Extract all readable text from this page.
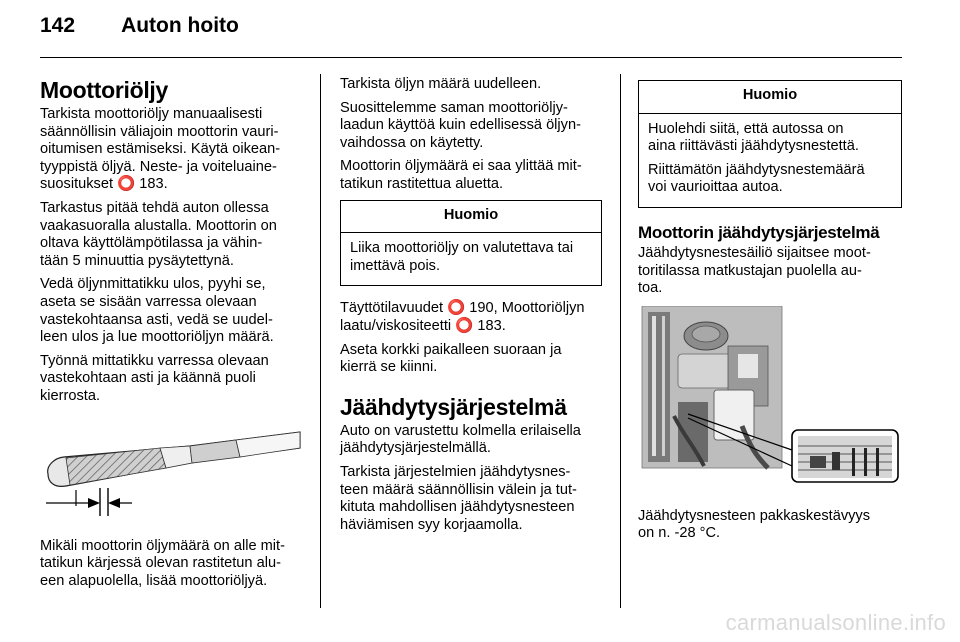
142 Auton hoito
Moottoriöljy

Tarkista moottoriöljy manuaalisesti
säännöllisin väliajoin moottorin vauri-
oitumisen estämiseksi. Käytä oikean-
tyyppistä öljyä. Neste- ja voiteluaine-
suositukset ⭕ 183.

Tarkastus pitää tehdä auton ollessa
vaakasuoralla alustalla. Moottorin on
oltava käyttölämpötilassa ja vähin-
tään 5 minuuttia pysäytettynä.

Vedä öljynmittatikku ulos, pyyhi se,
aseta se sisään varressa olevaan
vastekohtaansa asti, vedä se uudel-
leen ulos ja lue moottoriöljyn määrä.

Työnnä mittatikku varressa olevaan
vastekohtaan asti ja käännä puoli
kierrosta.

Mikäli moottorin öljymäärä on alle mit-
tatikun kärjessä olevan rastitetun alu-
een alapuolella, lisää moottoriöljyä.

Tarkista öljyn määrä uudelleen.

Suosittelemme saman moottoriöljy-
laadun käyttöä kuin edellisessä öljyn-
vaihdossa on käytetty.

Moottorin öljymäärä ei saa ylittää mit-
tatikun rastitettua aluetta.

Huomio

Liika moottoriöljy on valutettava tai
imettävä pois.

Täyttötilavuudet ⭕ 190, Moottoriöljyn
laatu/viskositeetti ⭕ 183.

Aseta korkki paikalleen suoraan ja
kierrä se kiinni.

Jäähdytysjärjestelmä

Auto on varustettu kolmella erilaisella
jäähdytysjärjestelmällä.

Tarkista järjestelmien jäähdytysnes-
teen määrä säännöllisin välein ja tut-
kituta mahdollisen jäähdytysnesteen
häviämisen syy korjaamolla.

Huomio

Huolehdi siitä, että autossa on
aina riittävästi jäähdytysnestettä.

Riittämätön jäähdytysnestemäärä
voi vaurioittaa autoa.

Moottorin jäähdytysjärjestelmä

Jäähdytysnestesäiliö sijaitsee moot-
toritilassa matkustajan puolella au-
toa.

Jäähdytysnesteen pakkaskestävyys
on n. -28 °C.

carmanualsonline.info
